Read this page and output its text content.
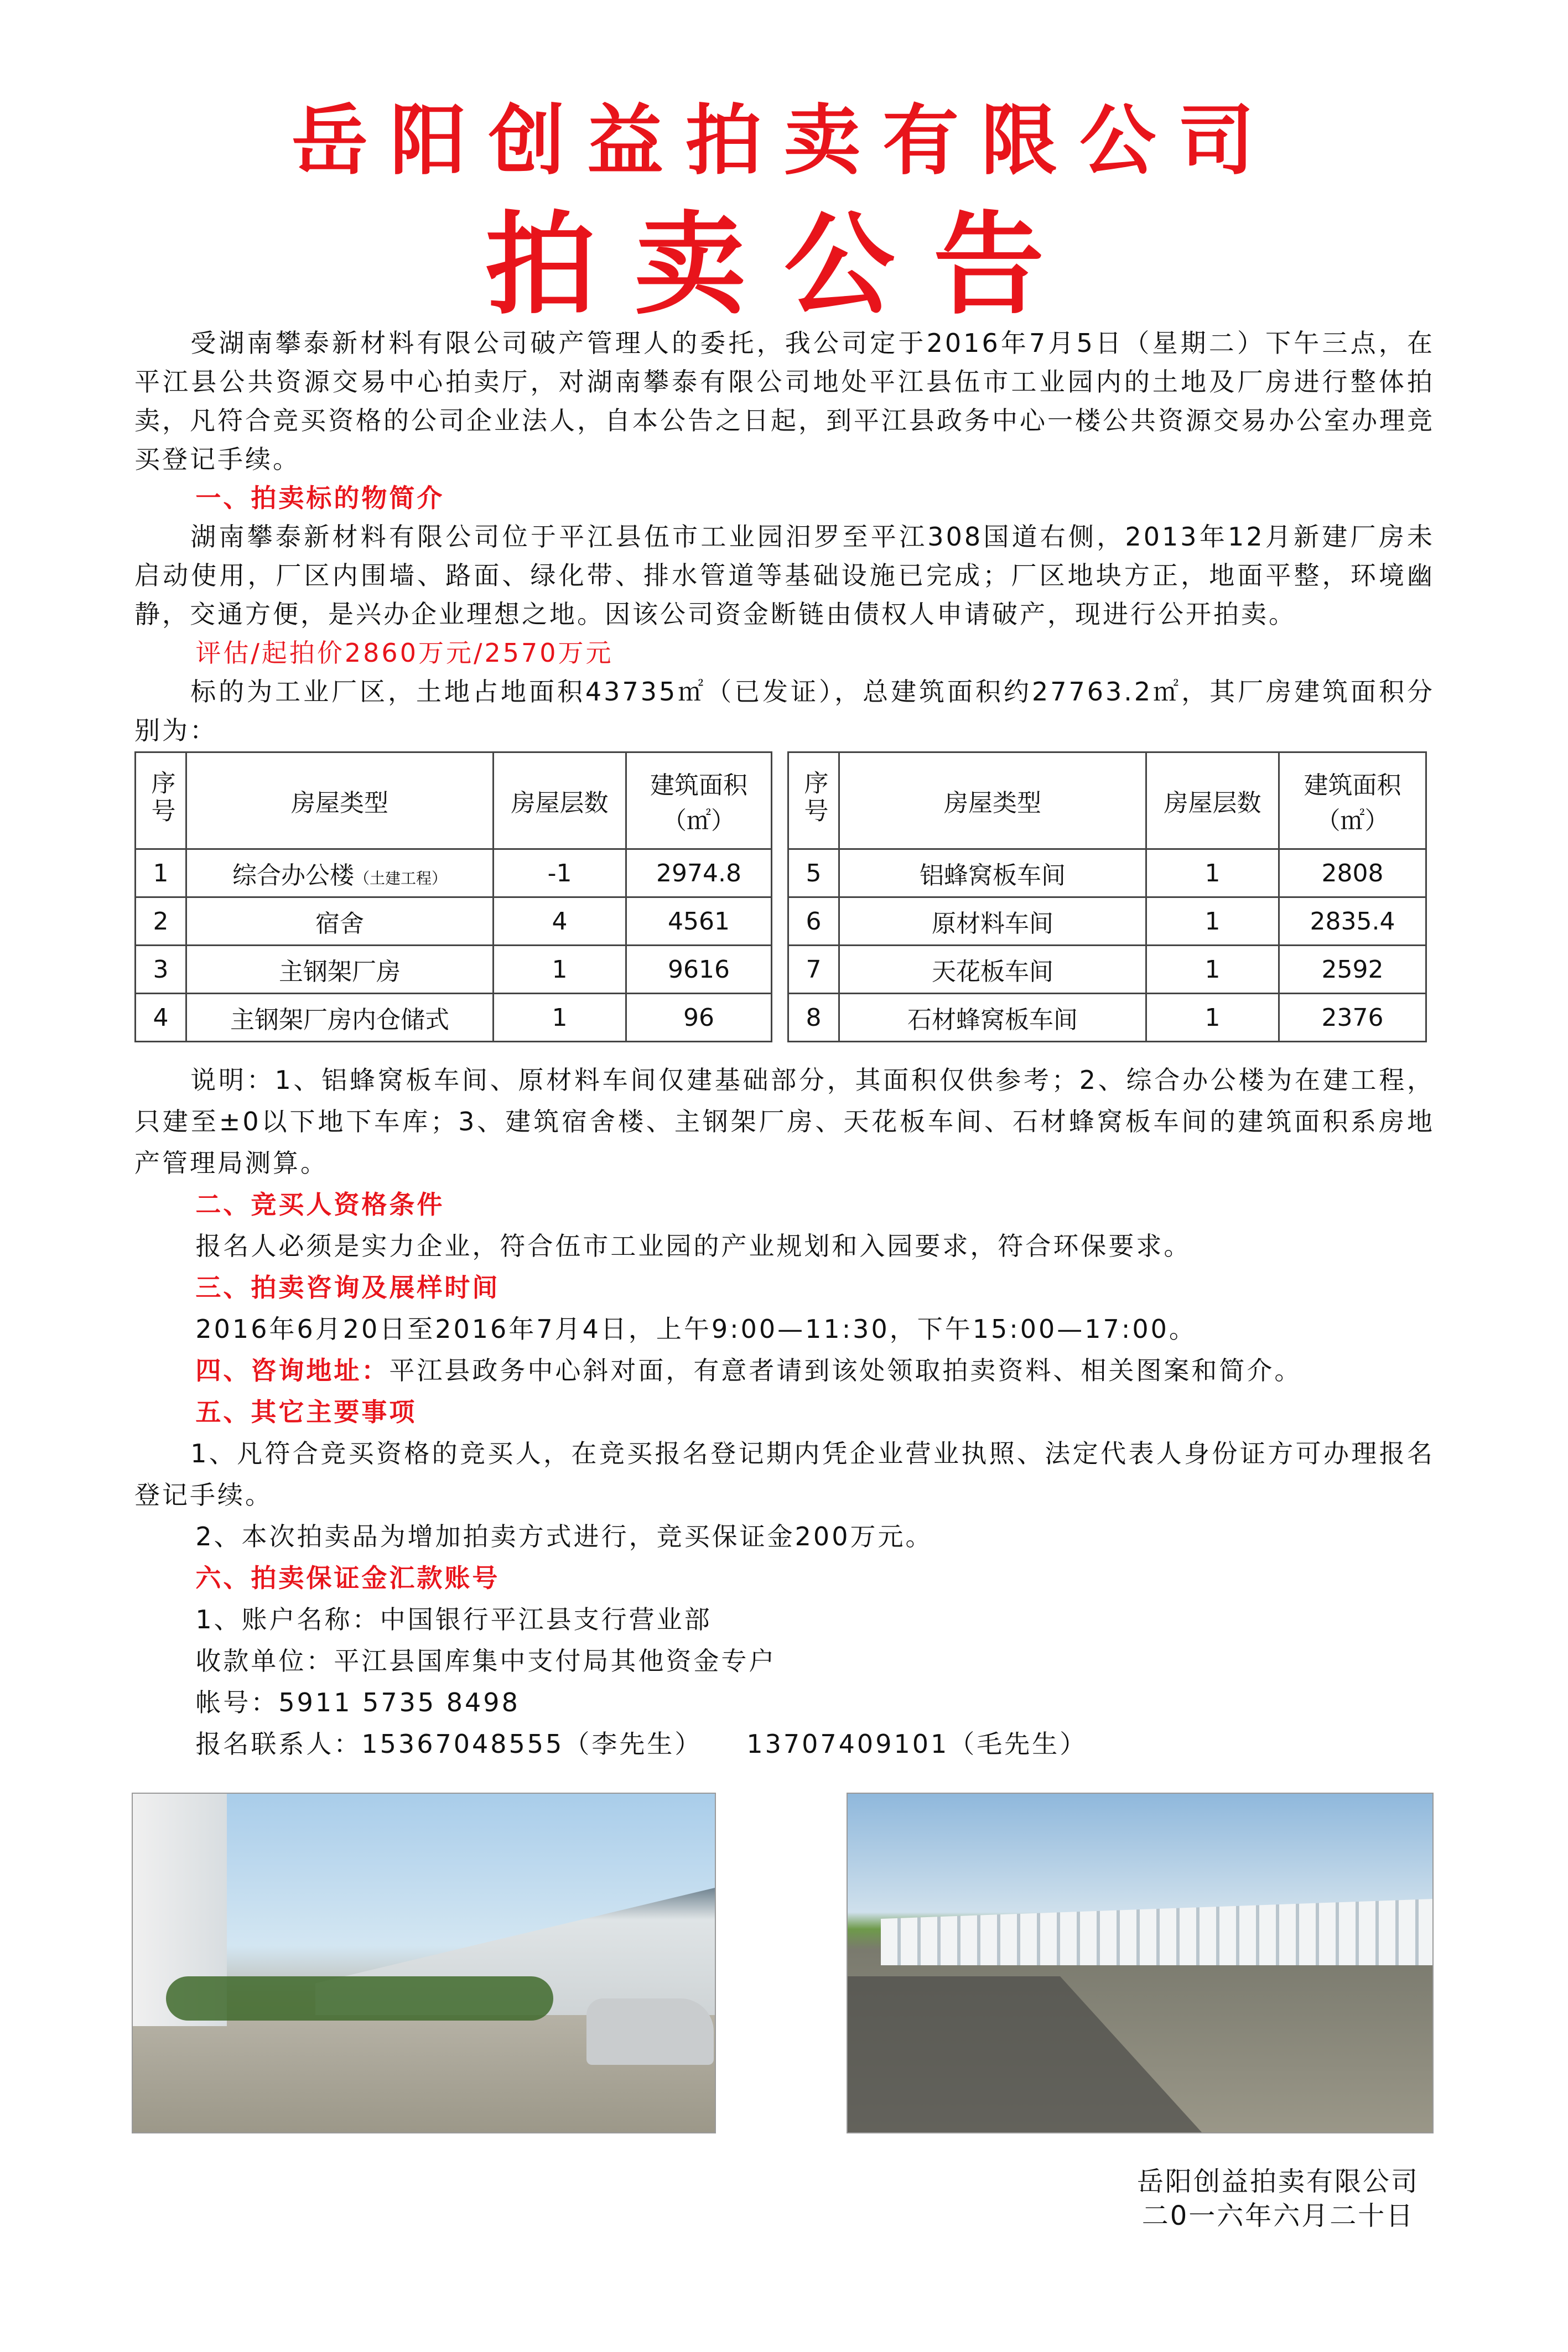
岳阳创益拍卖有限公司
拍卖公告

受湖南攀泰新材料有限公司破产管理人的委托，我公司定于2016年7月5日（星期二）下午三点，在平江县公共资源交易中心拍卖厅，对湖南攀泰有限公司地处平江县伍市工业园内的土地及厂房进行整体拍卖，凡符合竞买资格的公司企业法人，自本公告之日起，到平江县政务中心一楼公共资源交易办公室办理竞买登记手续。

一、拍卖标的物简介

湖南攀泰新材料有限公司位于平江县伍市工业园汨罗至平江308国道右侧，2013年12月新建厂房未启动使用，厂区内围墙、路面、绿化带、排水管道等基础设施已完成；厂区地块方正，地面平整，环境幽静，交通方便，是兴办企业理想之地。因该公司资金断链由债权人申请破产，现进行公开拍卖。

评估/起拍价2860万元/2570万元

标的为工业厂区，土地占地面积43735㎡（已发证），总建筑面积约27763.2㎡，其厂房建筑面积分别为：

序号	房屋类型	房屋层数	建筑面积（㎡）
1	综合办公楼（土建工程）	-1	2974.8
2	宿舍	4	4561
3	主钢架厂房	1	9616
4	主钢架厂房内仓储式	1	96
序号	房屋类型	房屋层数	建筑面积（㎡）
5	铝蜂窝板车间	1	2808
6	原材料车间	1	2835.4
7	天花板车间	1	2592
8	石材蜂窝板车间	1	2376

说明：1、铝蜂窝板车间、原材料车间仅建基础部分，其面积仅供参考；2、综合办公楼为在建工程，只建至±0以下地下车库；3、建筑宿舍楼、主钢架厂房、天花板车间、石材蜂窝板车间的建筑面积系房地产管理局测算。

二、竞买人资格条件

报名人必须是实力企业，符合伍市工业园的产业规划和入园要求，符合环保要求。

三、拍卖咨询及展样时间

2016年6月20日至2016年7月4日，上午9:00—11:30，下午15:00—17:00。

四、咨询地址：平江县政务中心斜对面，有意者请到该处领取拍卖资料、相关图案和简介。

五、其它主要事项

1、凡符合竞买资格的竞买人，在竞买报名登记期内凭企业营业执照、法定代表人身份证方可办理报名登记手续。

2、本次拍卖品为增加拍卖方式进行，竞买保证金200万元。

六、拍卖保证金汇款账号

1、账户名称：中国银行平江县支行营业部

收款单位：平江县国库集中支付局其他资金专户

帐号：5911 5735 8498

报名联系人：15367048555（李先生） 13707409101（毛先生）

岳阳创益拍卖有限公司
二0一六年六月二十日
